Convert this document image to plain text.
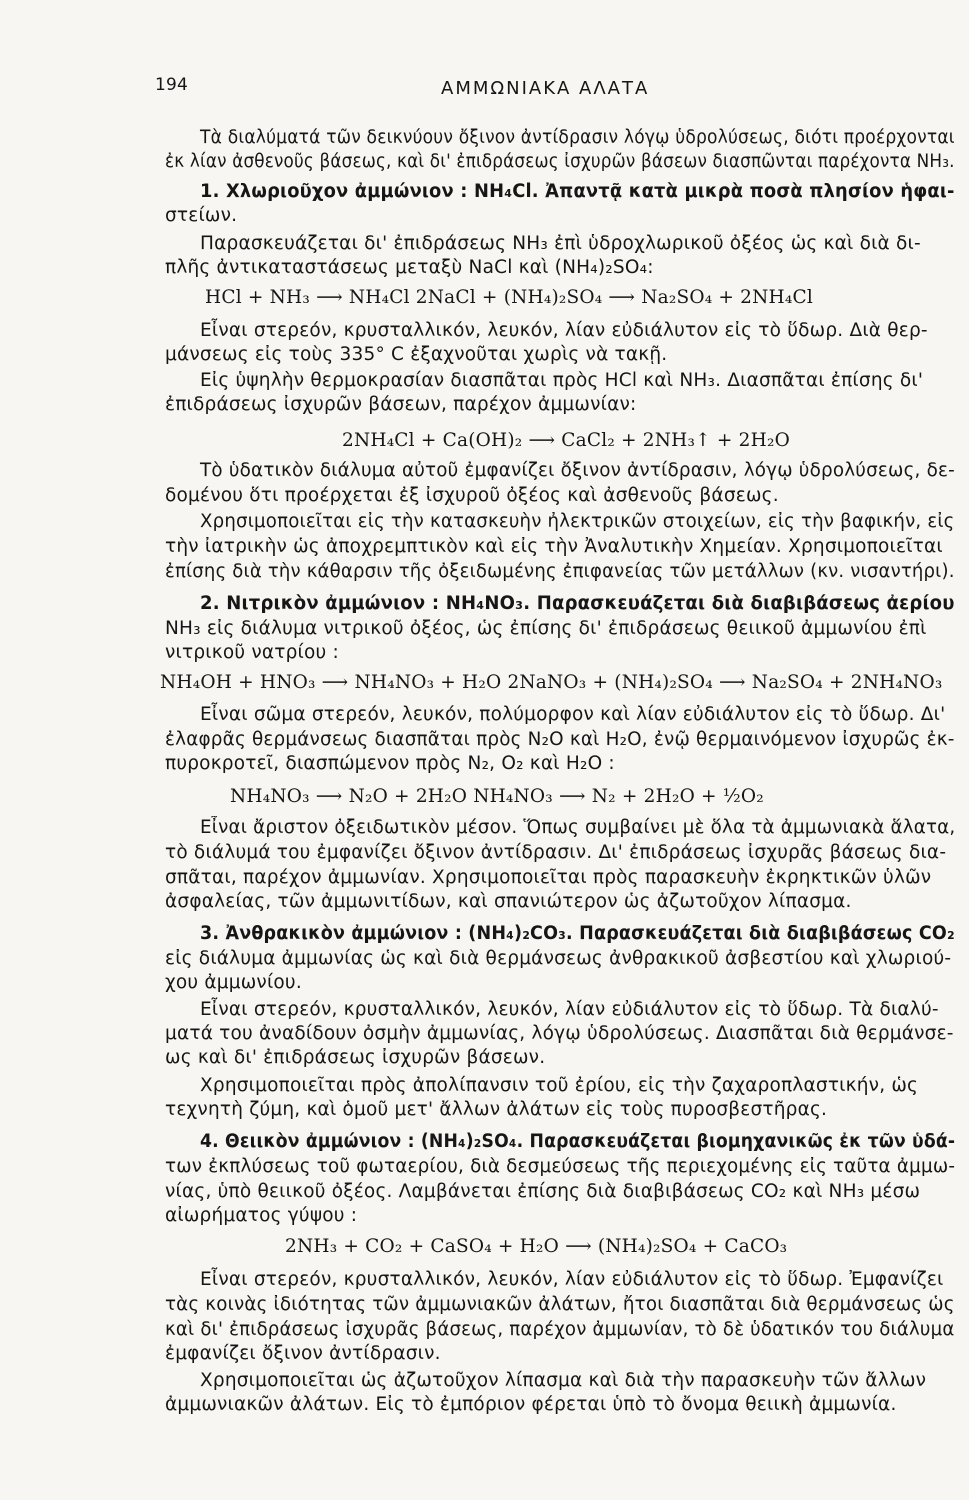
194	ΑΜΜΩΝΙΑΚΑ ΑΛΑΤΑ
Τὰ διαλύματά τῶν δεικνύουν ὄξινον ἀντίδρασιν λόγῳ ὑδρολύσεως, διότι προέρχονται
ἐκ λίαν ἀσθενοῦς βάσεως, καὶ δι' ἐπιδράσεως ἰσχυρῶν βάσεων διασπῶνται παρέχοντα NH₃.
1. Χλωριοῦχον ἀμμώνιον : NH₄Cl. Ἀπαντᾷ κατὰ μικρὰ ποσὰ πλησίον ἡφαι-
στείων.
Παρασκευάζεται δι' ἐπιδράσεως NH₃ ἐπὶ ὑδροχλωρικοῦ ὀξέος ὡς καὶ διὰ δι-
πλῆς ἀντικαταστάσεως μεταξὺ NaCl καὶ (NH₄)₂SO₄:
HCl + NH₃ ⟶ NH₄Cl 2NaCl + (NH₄)₂SO₄ ⟶ Na₂SO₄ + 2NH₄Cl
Εἶναι στερεόν, κρυσταλλικόν, λευκόν, λίαν εὐδιάλυτον εἰς τὸ ὕδωρ. Διὰ θερ-
μάνσεως εἰς τοὺς 335° C ἐξαχνοῦται χωρὶς νὰ τακῇ.
Εἰς ὑψηλὴν θερμοκρασίαν διασπᾶται πρὸς HCl καὶ NH₃. Διασπᾶται ἐπίσης δι'
ἐπιδράσεως ἰσχυρῶν βάσεων, παρέχον ἀμμωνίαν:
2NH₄Cl + Ca(OH)₂ ⟶ CaCl₂ + 2NH₃↑ + 2H₂O
Τὸ ὑδατικὸν διάλυμα αὐτοῦ ἐμφανίζει ὄξινον ἀντίδρασιν, λόγῳ ὑδρολύσεως, δε-
δομένου ὅτι προέρχεται ἐξ ἰσχυροῦ ὀξέος καὶ ἀσθενοῦς βάσεως.
Χρησιμοποιεῖται εἰς τὴν κατασκευὴν ἠλεκτρικῶν στοιχείων, εἰς τὴν βαφικήν, εἰς
τὴν ἰατρικὴν ὡς ἀποχρεμπτικὸν καὶ εἰς τὴν Ἀναλυτικὴν Χημείαν. Χρησιμοποιεῖται
ἐπίσης διὰ τὴν κάθαρσιν τῆς ὀξειδωμένης ἐπιφανείας τῶν μετάλλων (κν. νισαντήρι).
2. Νιτρικὸν ἀμμώνιον : NH₄NO₃. Παρασκευάζεται διὰ διαβιβάσεως ἀερίου
NH₃ εἰς διάλυμα νιτρικοῦ ὀξέος, ὡς ἐπίσης δι' ἐπιδράσεως θειικοῦ ἀμμωνίου ἐπὶ
νιτρικοῦ νατρίου :
NH₄OH + HNO₃ ⟶ NH₄NO₃ + H₂O 2NaNO₃ + (NH₄)₂SO₄ ⟶ Na₂SO₄ + 2NH₄NO₃
Εἶναι σῶμα στερεόν, λευκόν, πολύμορφον καὶ λίαν εὐδιάλυτον εἰς τὸ ὕδωρ. Δι'
ἐλαφρᾶς θερμάνσεως διασπᾶται πρὸς N₂O καὶ H₂O, ἐνῷ θερμαινόμενον ἰσχυρῶς ἐκ-
πυροκροτεῖ, διασπώμενον πρὸς N₂, O₂ καὶ H₂O :
NH₄NO₃ ⟶ N₂O + 2H₂O NH₄NO₃ ⟶ N₂ + 2H₂O + ½O₂
Εἶναι ἄριστον ὀξειδωτικὸν μέσον. Ὅπως συμβαίνει μὲ ὅλα τὰ ἀμμωνιακὰ ἅλατα,
τὸ διάλυμά του ἐμφανίζει ὄξινον ἀντίδρασιν. Δι' ἐπιδράσεως ἰσχυρᾶς βάσεως δια-
σπᾶται, παρέχον ἀμμωνίαν. Χρησιμοποιεῖται πρὸς παρασκευὴν ἐκρηκτικῶν ὑλῶν
ἀσφαλείας, τῶν ἀμμωνιτίδων, καὶ σπανιώτερον ὡς ἀζωτοῦχον λίπασμα.
3. Ἀνθρακικὸν ἀμμώνιον : (NH₄)₂CO₃. Παρασκευάζεται διὰ διαβιβάσεως CO₂
εἰς διάλυμα ἀμμωνίας ὡς καὶ διὰ θερμάνσεως ἀνθρακικοῦ ἀσβεστίου καὶ χλωριού-
χου ἀμμωνίου.
Εἶναι στερεόν, κρυσταλλικόν, λευκόν, λίαν εὐδιάλυτον εἰς τὸ ὕδωρ. Τὰ διαλύ-
ματά του ἀναδίδουν ὀσμὴν ἀμμωνίας, λόγῳ ὑδρολύσεως. Διασπᾶται διὰ θερμάνσε-
ως καὶ δι' ἐπιδράσεως ἰσχυρῶν βάσεων.
Χρησιμοποιεῖται πρὸς ἀπολίπανσιν τοῦ ἐρίου, εἰς τὴν ζαχαροπλαστικήν, ὡς
τεχνητὴ ζύμη, καὶ ὁμοῦ μετ' ἄλλων ἀλάτων εἰς τοὺς πυροσβεστῆρας.
4. Θειικὸν ἀμμώνιον : (NH₄)₂SO₄. Παρασκευάζεται βιομηχανικῶς ἐκ τῶν ὑδά-
των ἐκπλύσεως τοῦ φωταερίου, διὰ δεσμεύσεως τῆς περιεχομένης εἰς ταῦτα ἀμμω-
νίας, ὑπὸ θειικοῦ ὀξέος. Λαμβάνεται ἐπίσης διὰ διαβιβάσεως CO₂ καὶ NH₃ μέσω
αἰωρήματος γύψου :
2NH₃ + CO₂ + CaSO₄ + H₂O ⟶ (NH₄)₂SO₄ + CaCO₃
Εἶναι στερεόν, κρυσταλλικόν, λευκόν, λίαν εὐδιάλυτον εἰς τὸ ὕδωρ. Ἐμφανίζει
τὰς κοινὰς ἰδιότητας τῶν ἀμμωνιακῶν ἀλάτων, ἤτοι διασπᾶται διὰ θερμάνσεως ὡς
καὶ δι' ἐπιδράσεως ἰσχυρᾶς βάσεως, παρέχον ἀμμωνίαν, τὸ δὲ ὑδατικόν του διάλυμα
ἐμφανίζει ὄξινον ἀντίδρασιν.
Χρησιμοποιεῖται ὡς ἀζωτοῦχον λίπασμα καὶ διὰ τὴν παρασκευὴν τῶν ἄλλων
ἀμμωνιακῶν ἀλάτων. Εἰς τὸ ἐμπόριον φέρεται ὑπὸ τὸ ὄνομα θειικὴ ἀμμωνία.
